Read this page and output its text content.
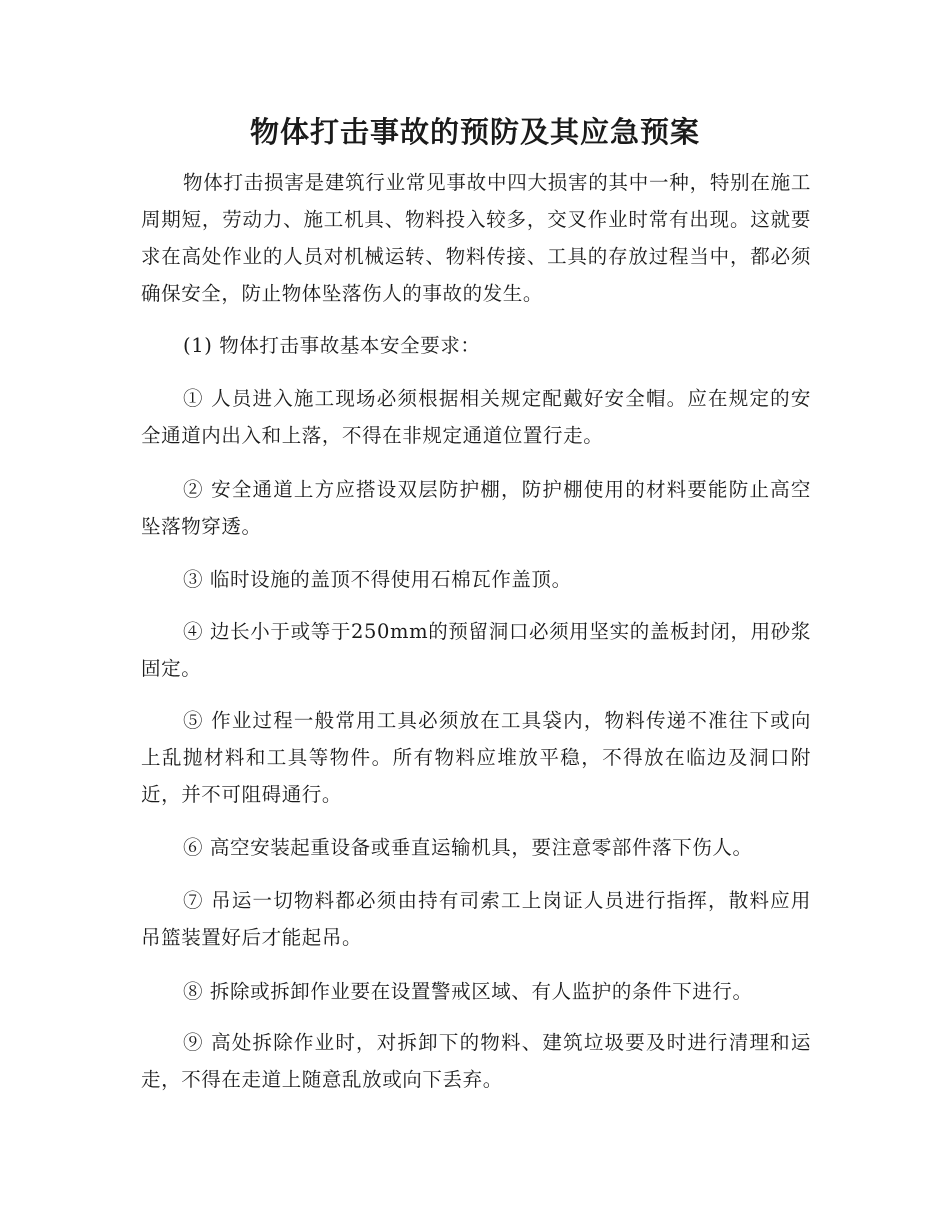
物体打击事故的预防及其应急预案

物体打击损害是建筑行业常见事故中四大损害的其中一种，特别在施工周期短，劳动力、施工机具、物料投入较多，交叉作业时常有出现。这就要求在高处作业的人员对机械运转、物料传接、工具的存放过程当中，都必须确保安全，防止物体坠落伤人的事故的发生。

(1) 物体打击事故基本安全要求：

① 人员进入施工现场必须根据相关规定配戴好安全帽。应在规定的安全通道内出入和上落，不得在非规定通道位置行走。

② 安全通道上方应搭设双层防护棚，防护棚使用的材料要能防止高空坠落物穿透。

③ 临时设施的盖顶不得使用石棉瓦作盖顶。

④ 边长小于或等于250mm的预留洞口必须用坚实的盖板封闭，用砂浆固定。

⑤ 作业过程一般常用工具必须放在工具袋内，物料传递不准往下或向上乱抛材料和工具等物件。所有物料应堆放平稳，不得放在临边及洞口附近，并不可阻碍通行。

⑥ 高空安装起重设备或垂直运输机具，要注意零部件落下伤人。

⑦ 吊运一切物料都必须由持有司索工上岗证人员进行指挥，散料应用吊篮装置好后才能起吊。

⑧ 拆除或拆卸作业要在设置警戒区域、有人监护的条件下进行。

⑨ 高处拆除作业时，对拆卸下的物料、建筑垃圾要及时进行清理和运走，不得在走道上随意乱放或向下丢弃。
